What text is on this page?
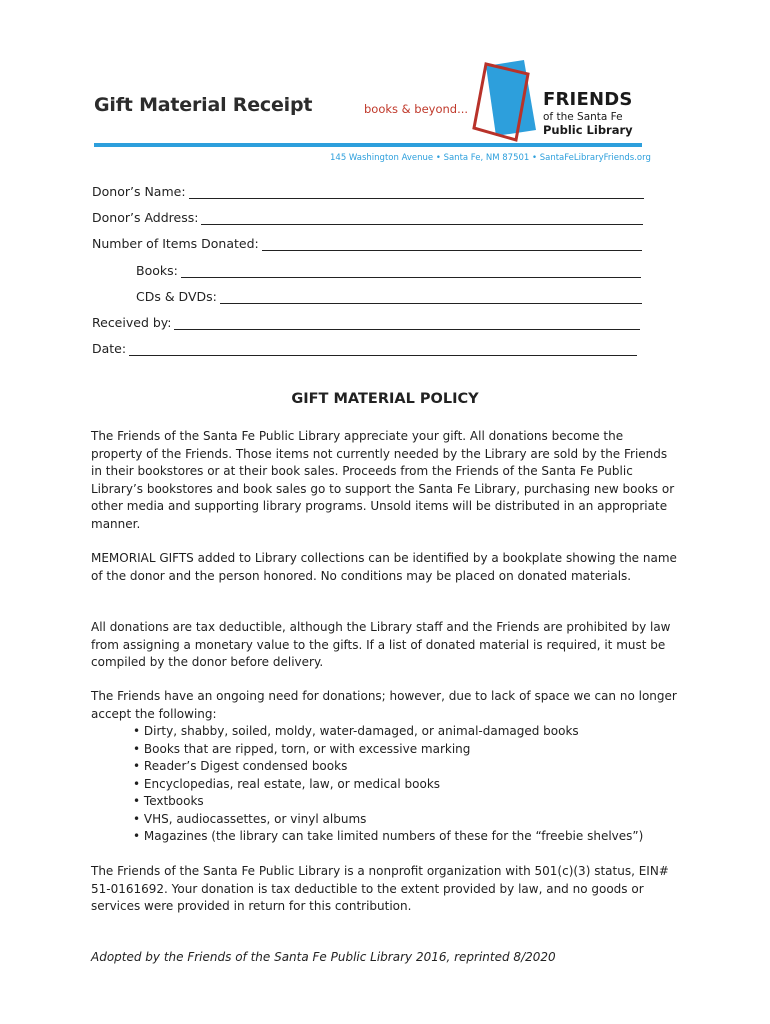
Gift Material Receipt	books & beyond...	FRIENDS
of the Santa Fe
Public Library
145 Washington Avenue • Santa Fe, NM 87501 • SantaFeLibraryFriends.org
Donor’s Name:
Donor’s Address:
Number of Items Donated:
Books:
CDs & DVDs:
Received by:
Date:
GIFT MATERIAL POLICY
The Friends of the Santa Fe Public Library appreciate your gift. All donations become the property of the Friends. Those items not currently needed by the Library are sold by the Friends in their bookstores or at their book sales. Proceeds from the Friends of the Santa Fe Public Library’s bookstores and book sales go to support the Santa Fe Library, purchasing new books or other media and supporting library programs. Unsold items will be distributed in an appropriate manner.
MEMORIAL GIFTS added to Library collections can be identified by a bookplate showing the name of the donor and the person honored. No conditions may be placed on donated materials.
All donations are tax deductible, although the Library staff and the Friends are prohibited by law from assigning a monetary value to the gifts. If a list of donated material is required, it must be compiled by the donor before delivery.
The Friends have an ongoing need for donations; however, due to lack of space we can no longer accept the following:
• Dirty, shabby, soiled, moldy, water-damaged, or animal-damaged books
• Books that are ripped, torn, or with excessive marking
• Reader’s Digest condensed books
• Encyclopedias, real estate, law, or medical books
• Textbooks
• VHS, audiocassettes, or vinyl albums
• Magazines (the library can take limited numbers of these for the “freebie shelves”)
The Friends of the Santa Fe Public Library is a nonprofit organization with 501(c)(3) status, EIN# 51-0161692. Your donation is tax deductible to the extent provided by law, and no goods or services were provided in return for this contribution.
Adopted by the Friends of the Santa Fe Public Library 2016, reprinted 8/2020
